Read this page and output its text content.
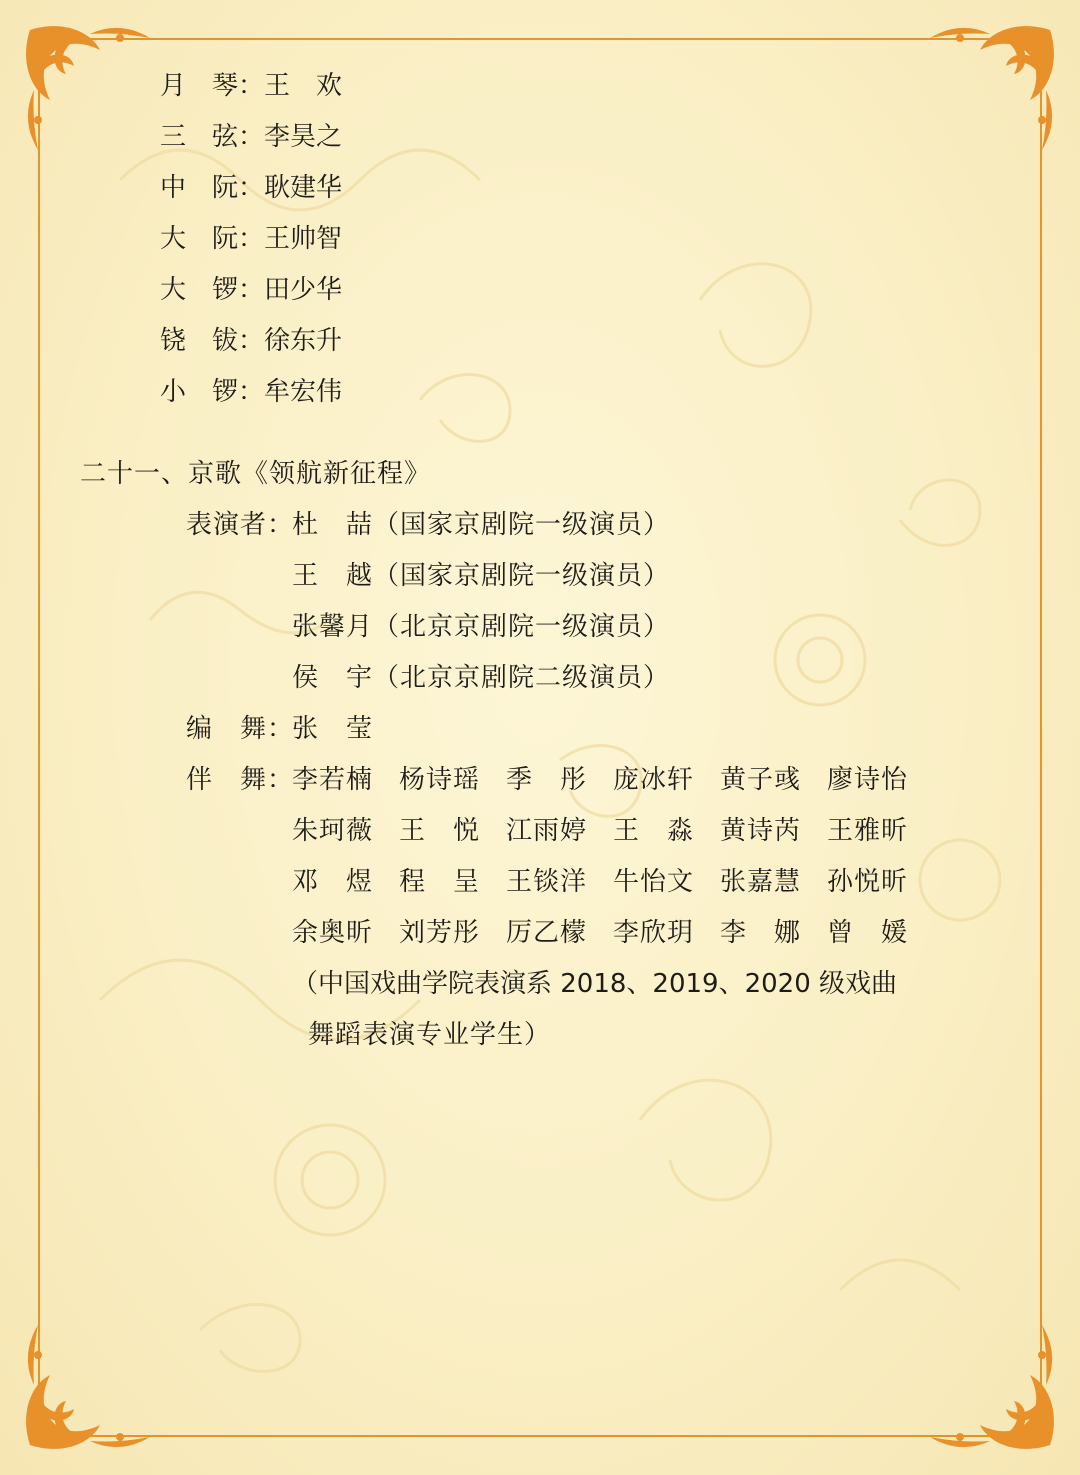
月　琴：王　欢
三　弦：李昊之
中　阮：耿建华
大　阮：王帅智
大　锣：田少华
铙　钹：徐东升
小　锣：牟宏伟
二十一、京歌《领航新征程》
表演者：
杜　喆（国家京剧院一级演员）
王　越（国家京剧院一级演员）
张馨月（北京京剧院一级演员）
侯　宇（北京京剧院二级演员）
编　舞：
张　莹
伴　舞：
李若楠 杨诗瑶 季　彤 庞冰轩 黄子彧 廖诗怡
朱珂薇 王　悦 江雨婷 王　淼 黄诗芮 王雅昕
邓　煜 程　呈 王锬洋 牛怡文 张嘉慧 孙悦昕
余奥昕 刘芳彤 厉乙檬 李欣玥 李　娜 曾　媛
（中国戏曲学院表演系 2018、2019、2020 级戏曲
舞蹈表演专业学生）
